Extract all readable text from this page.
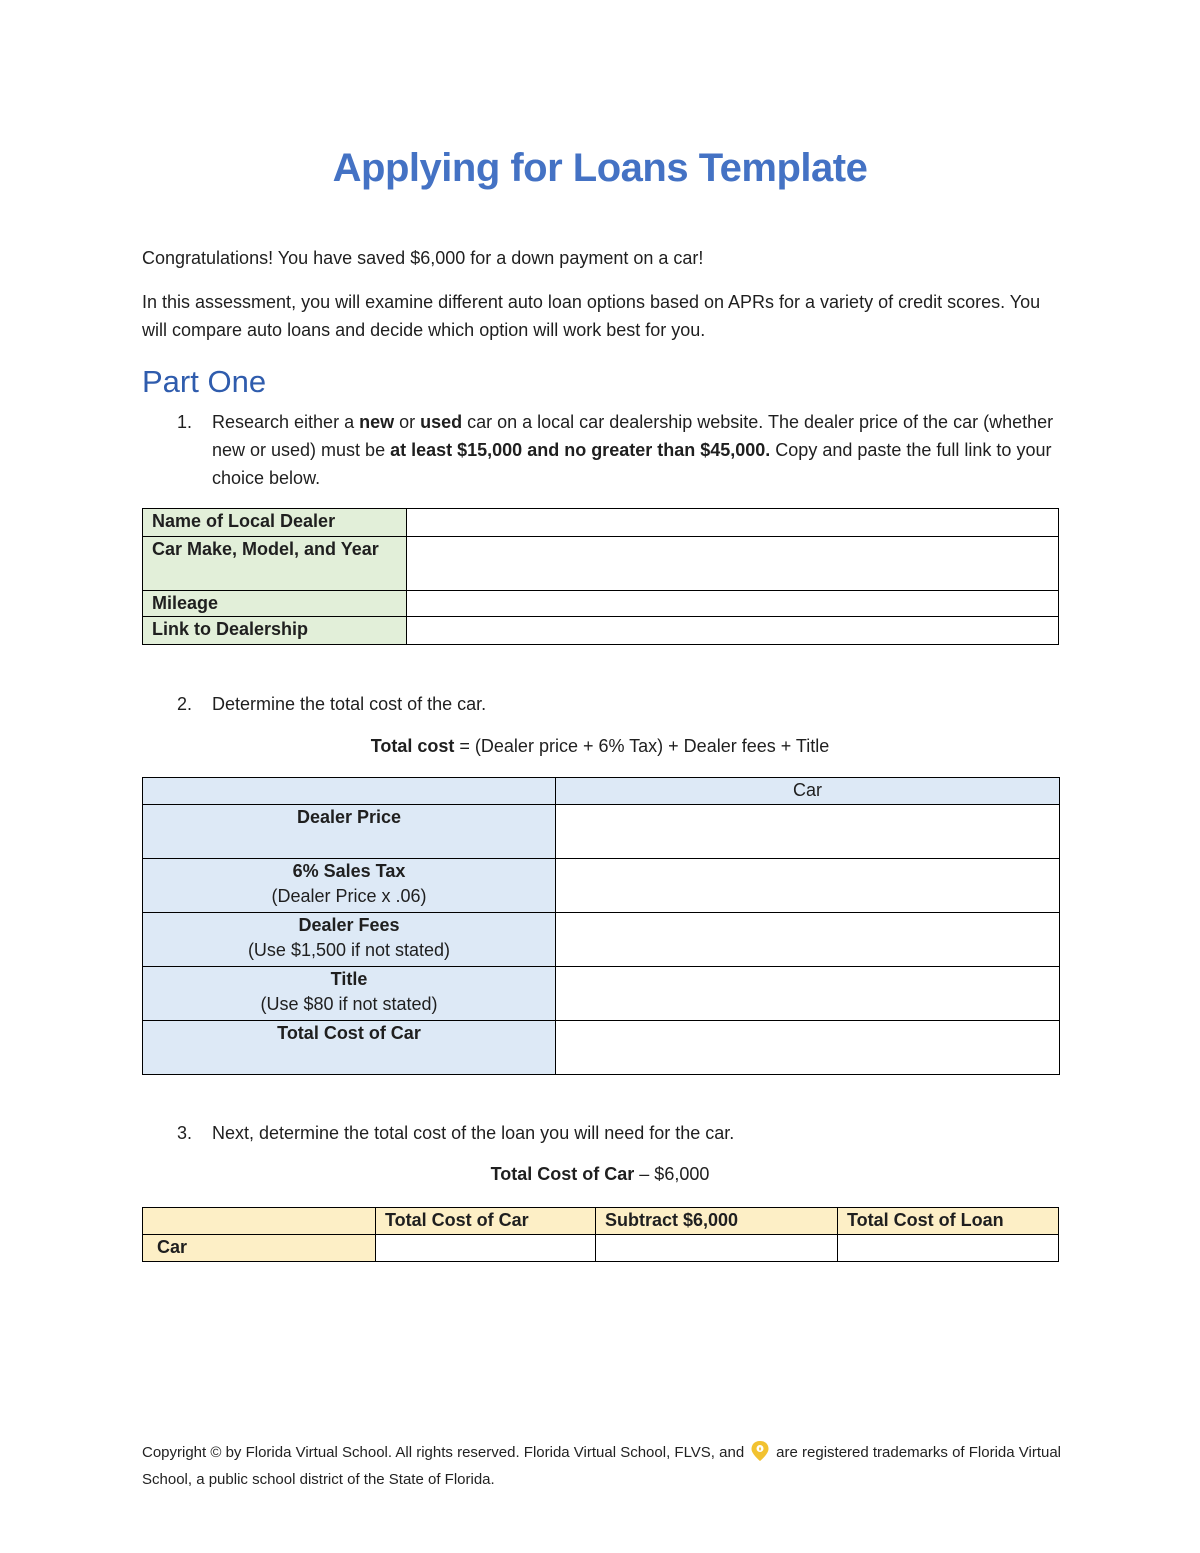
Applying for Loans Template
Congratulations! You have saved $6,000 for a down payment on a car!
In this assessment, you will examine different auto loan options based on APRs for a variety of credit scores. You will compare auto loans and decide which option will work best for you.
Part One
1. Research either a new or used car on a local car dealership website. The dealer price of the car (whether new or used) must be at least $15,000 and no greater than $45,000. Copy and paste the full link to your choice below.
Name of Local Dealer	
Car Make, Model, and Year	
Mileage	
Link to Dealership	
2. Determine the total cost of the car.
Total cost = (Dealer price + 6% Tax) + Dealer fees + Title
	Car

Dealer Price	

6% Sales Tax
(Dealer Price x .06)	

Dealer Fees
(Use $1,500 if not stated)	

Title
(Use $80 if not stated)	

Total Cost of Car	

3. Next, determine the total cost of the loan you will need for the car.
Total Cost of Car – $6,000
	Total Cost of Car	Subtract $6,000	Total Cost of Loan
Car			
Copyright © by Florida Virtual School. All rights reserved. Florida Virtual School, FLVS, and are registered trademarks of Florida Virtual School, a public school district of the State of Florida.
